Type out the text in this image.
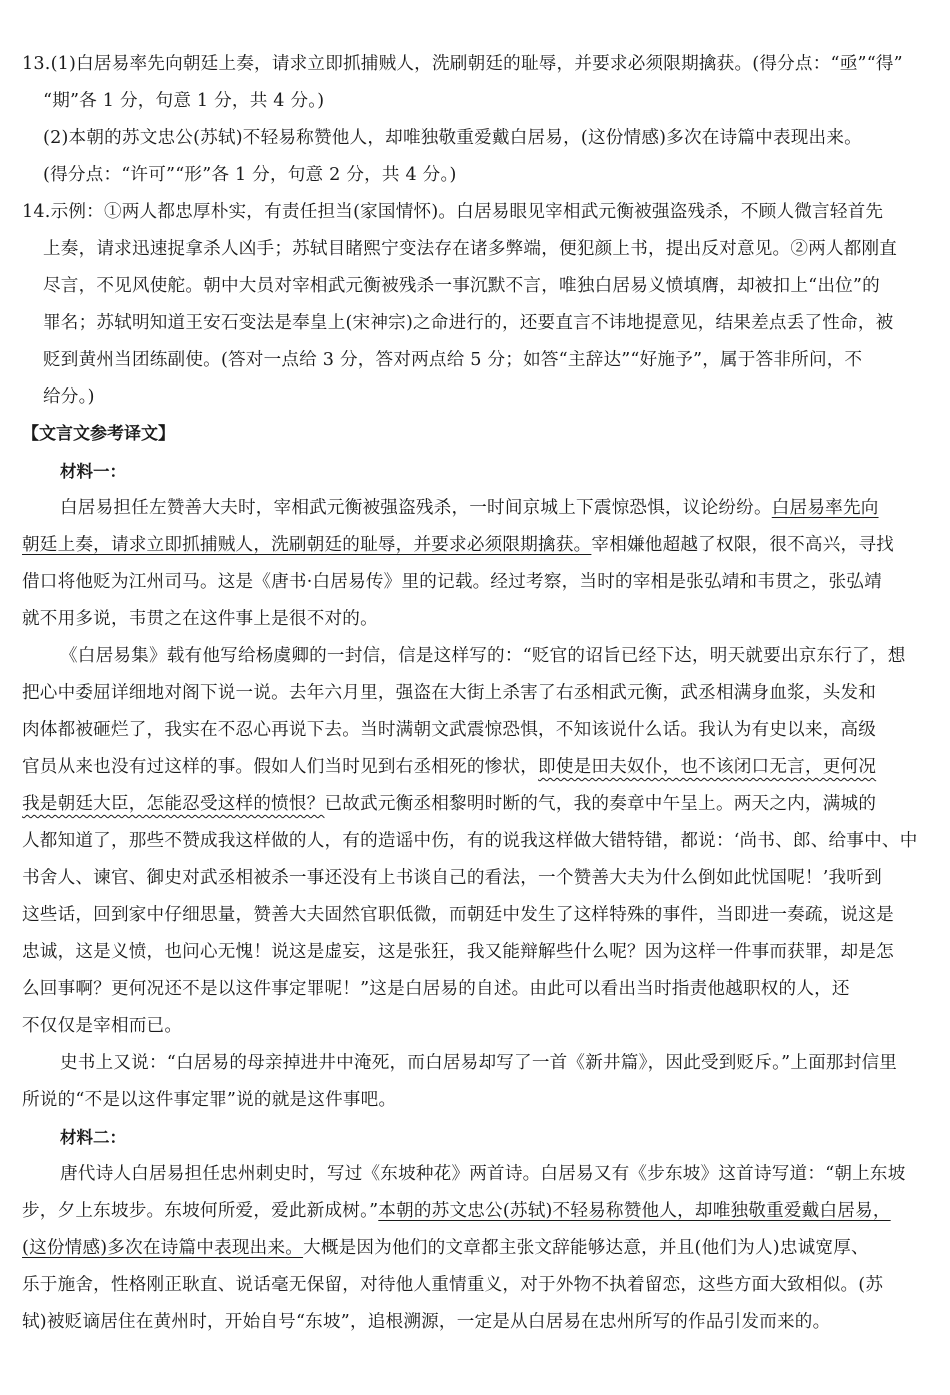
13.(1)白居易率先向朝廷上奏，请求立即抓捕贼人，洗刷朝廷的耻辱，并要求必须限期擒获。(得分点：“亟”“得”
“期”各 1 分，句意 1 分，共 4 分。)
(2)本朝的苏文忠公(苏轼)不轻易称赞他人，却唯独敬重爱戴白居易，(这份情感)多次在诗篇中表现出来。
(得分点：“许可”“形”各 1 分，句意 2 分，共 4 分。)
14.示例：①两人都忠厚朴实，有责任担当(家国情怀)。白居易眼见宰相武元衡被强盗残杀，不顾人微言轻首先
上奏，请求迅速捉拿杀人凶手；苏轼目睹熙宁变法存在诸多弊端，便犯颜上书，提出反对意见。②两人都刚直
尽言，不见风使舵。朝中大员对宰相武元衡被残杀一事沉默不言，唯独白居易义愤填膺，却被扣上“出位”的
罪名；苏轼明知道王安石变法是奉皇上(宋神宗)之命进行的，还要直言不讳地提意见，结果差点丢了性命，被
贬到黄州当团练副使。(答对一点给 3 分，答对两点给 5 分；如答“主辞达”“好施予”，属于答非所问，不
给分。)
【文言文参考译文】
材料一：
白居易担任左赞善大夫时，宰相武元衡被强盗残杀，一时间京城上下震惊恐惧，议论纷纷。白居易率先向
朝廷上奏，请求立即抓捕贼人，洗刷朝廷的耻辱，并要求必须限期擒获。宰相嫌他超越了权限，很不高兴，寻找
借口将他贬为江州司马。这是《唐书·白居易传》里的记载。经过考察，当时的宰相是张弘靖和韦贯之，张弘靖
就不用多说，韦贯之在这件事上是很不对的。
《白居易集》载有他写给杨虞卿的一封信，信是这样写的：“贬官的诏旨已经下达，明天就要出京东行了，想
把心中委屈详细地对阁下说一说。去年六月里，强盗在大街上杀害了右丞相武元衡，武丞相满身血浆，头发和
肉体都被砸烂了，我实在不忍心再说下去。当时满朝文武震惊恐惧，不知该说什么话。我认为有史以来，高级
官员从来也没有过这样的事。假如人们当时见到右丞相死的惨状，即使是田夫奴仆，也不该闭口无言，更何况
我是朝廷大臣，怎能忍受这样的愤恨？已故武元衡丞相黎明时断的气，我的奏章中午呈上。两天之内，满城的
人都知道了，那些不赞成我这样做的人，有的造谣中伤，有的说我这样做大错特错，都说：‘尚书、郎、给事中、中
书舍人、谏官、御史对武丞相被杀一事还没有上书谈自己的看法，一个赞善大夫为什么倒如此忧国呢！’我听到
这些话，回到家中仔细思量，赞善大夫固然官职低微，而朝廷中发生了这样特殊的事件，当即进一奏疏，说这是
忠诚，这是义愤，也问心无愧！说这是虚妄，这是张狂，我又能辩解些什么呢？因为这样一件事而获罪，却是怎
么回事啊？更何况还不是以这件事定罪呢！”这是白居易的自述。由此可以看出当时指责他越职权的人，还
不仅仅是宰相而已。
史书上又说：“白居易的母亲掉进井中淹死，而白居易却写了一首《新井篇》，因此受到贬斥。”上面那封信里
所说的“不是以这件事定罪”说的就是这件事吧。
材料二：
唐代诗人白居易担任忠州刺史时，写过《东坡种花》两首诗。白居易又有《步东坡》这首诗写道：“朝上东坡
步，夕上东坡步。东坡何所爱，爱此新成树。”本朝的苏文忠公(苏轼)不轻易称赞他人，却唯独敬重爱戴白居易，
(这份情感)多次在诗篇中表现出来。大概是因为他们的文章都主张文辞能够达意，并且(他们为人)忠诚宽厚、
乐于施舍，性格刚正耿直、说话毫无保留，对待他人重情重义，对于外物不执着留恋，这些方面大致相似。(苏
轼)被贬谪居住在黄州时，开始自号“东坡”，追根溯源，一定是从白居易在忠州所写的作品引发而来的。
